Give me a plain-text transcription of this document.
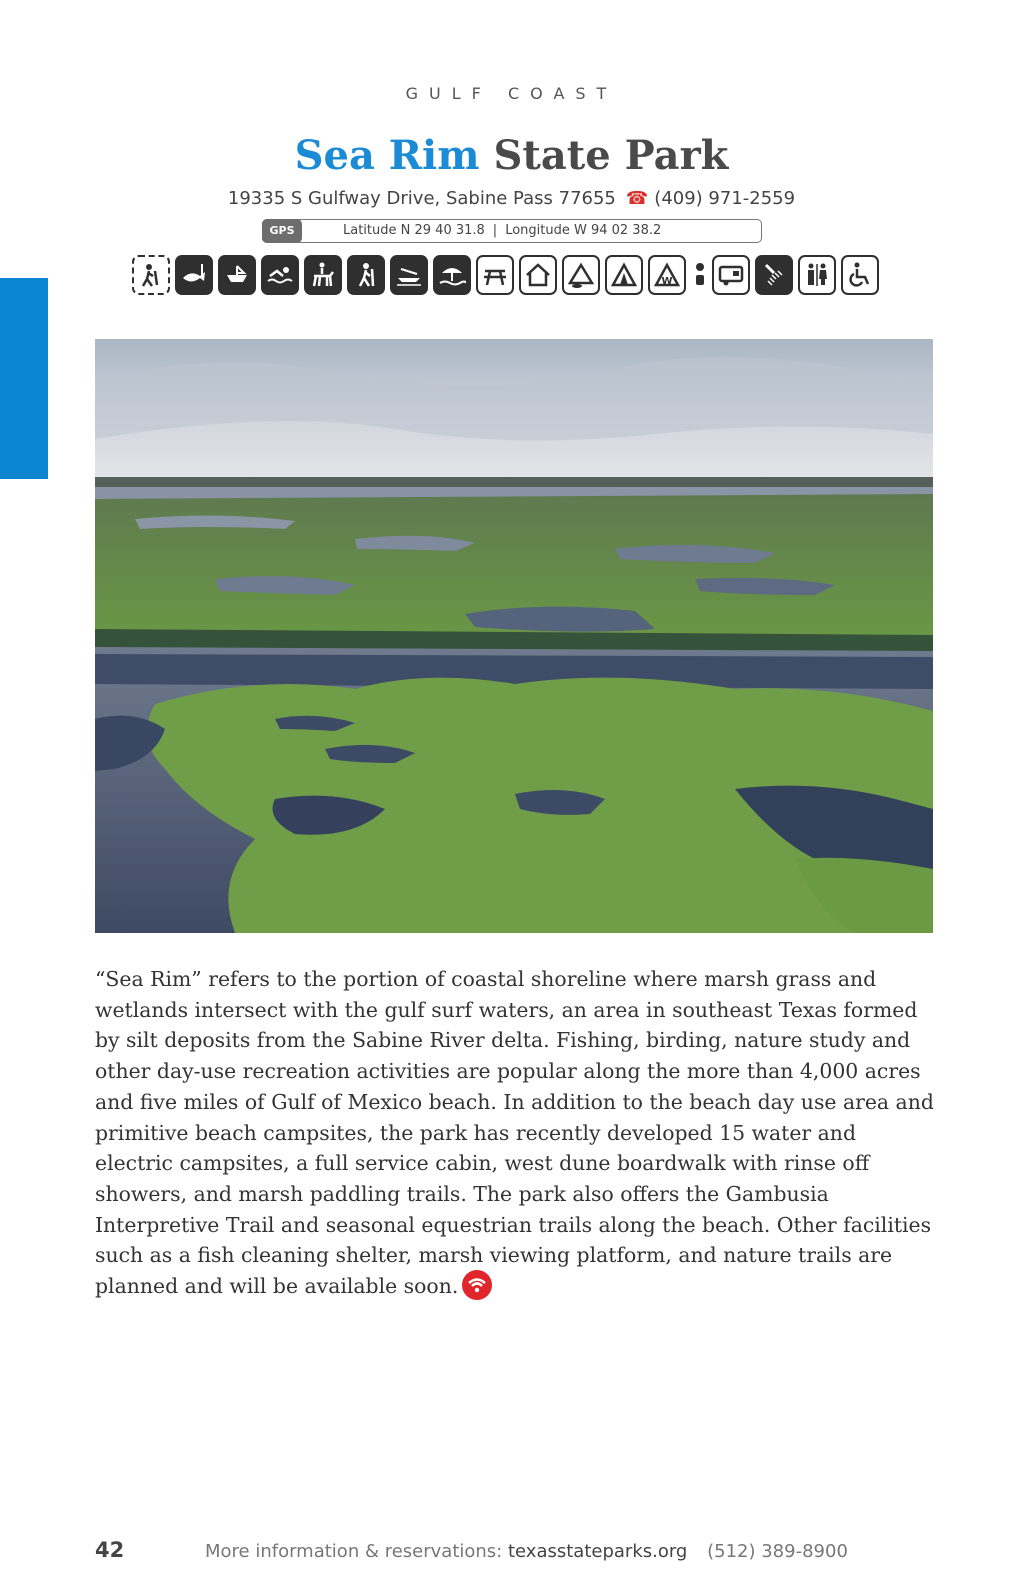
GULF COAST
Sea Rim State Park
19335 S Gulfway Drive, Sabine Pass 77655 ☎ (409) 971-2559
GPS	Latitude N 29 40 31.8 | Longitude W 94 02 38.2
W
“Sea Rim” refers to the portion of coastal shoreline where marsh grass and wetlands intersect with the gulf surf waters, an area in southeast Texas formed by silt deposits from the Sabine River delta. Fishing, birding, nature study and other day-use recreation activities are popular along the more than 4,000 acres and five miles of Gulf of Mexico beach. In addition to the beach day use area and primitive beach campsites, the park has recently developed 15 water and electric campsites, a full service cabin, west dune boardwalk with rinse off showers, and marsh paddling trails. The park also offers the Gambusia Interpretive Trail and seasonal equestrian trails along the beach. Other facilities such as a fish cleaning shelter, marsh viewing platform, and nature trails are planned and will be available soon.
42	More information & reservations: texasstateparks.org (512) 389-8900
